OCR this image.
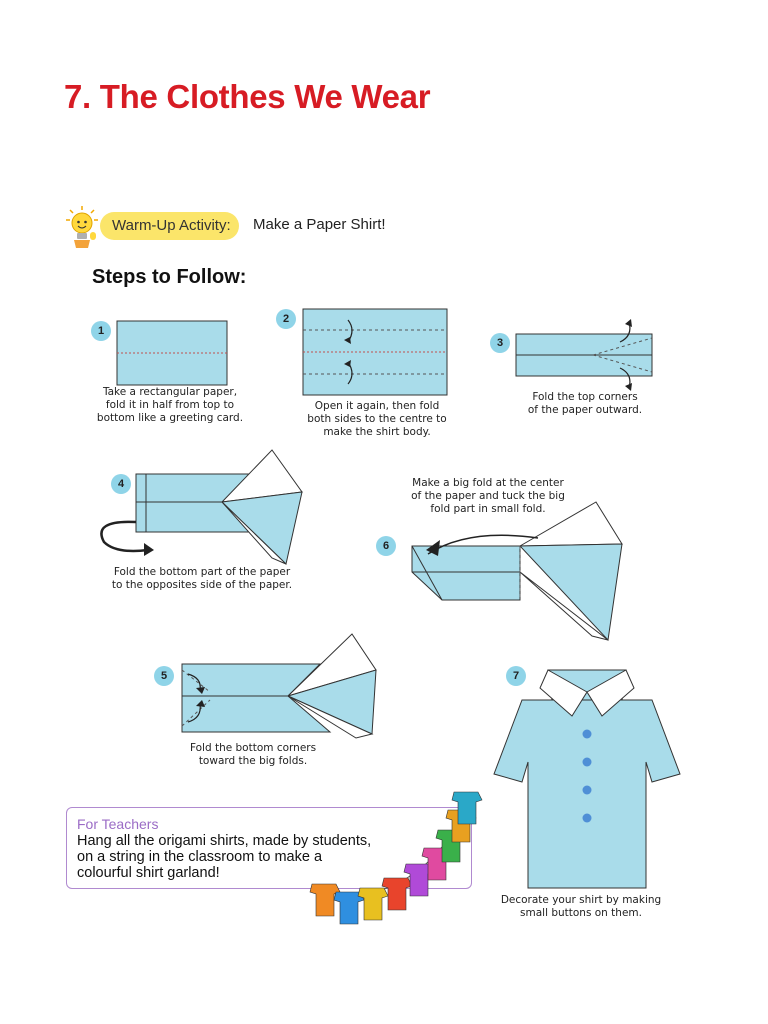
7. The Clothes We Wear
Warm-Up Activity:	Make a Paper Shirt!
Steps to Follow:
1
Take a rectangular paper,
fold it in half from top to
bottom like a greeting card.
2
Open it again, then fold
both sides to the centre to
make the shirt body.
3
Fold the top corners
of the paper outward.
4
Fold the bottom part of the paper
to the opposites side of the paper.
Make a big fold at the center
of the paper and tuck the big
fold part in small fold.
6
5
Fold the bottom corners
toward the big folds.
7
Decorate your shirt by making
small buttons on them.
For Teachers
Hang all the origami shirts, made by students, on a string in the classroom to make a colourful shirt garland!
